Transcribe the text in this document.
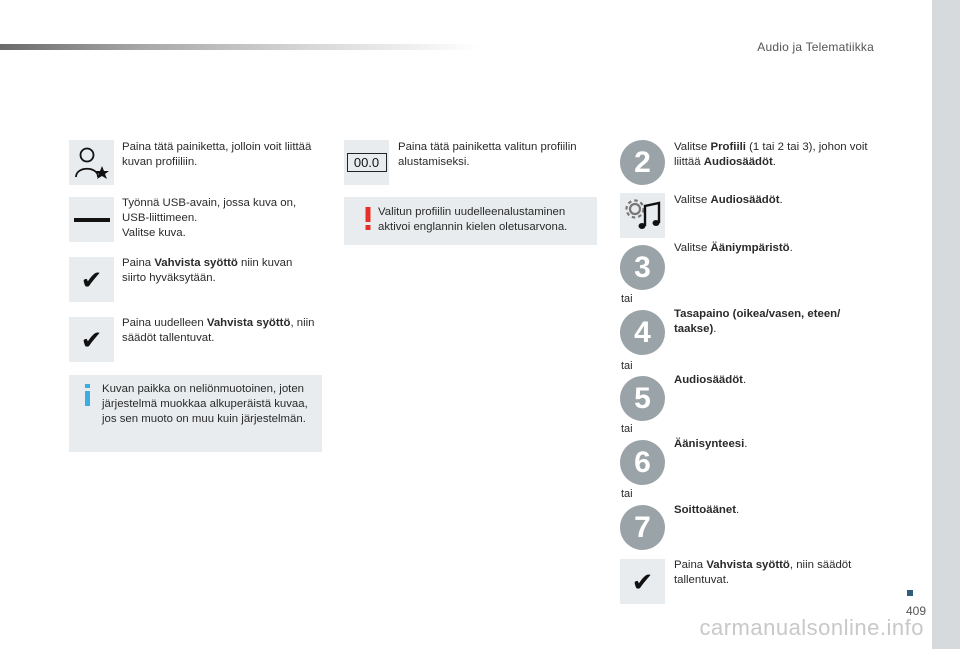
Audio ja Telematiikka
409
carmanualsonline.info
Paina tätä painiketta, jolloin voit liittää kuvan profiiliin.
Työnnä USB-avain, jossa kuva on,
USB-liittimeen.
Valitse kuva.
✔
Paina Vahvista syöttö niin kuvan siirto hyväksytään.
✔
Paina uudelleen Vahvista syöttö, niin säädöt tallentuvat.
Kuvan paikka on neliönmuotoinen, joten järjestelmä muokkaa alkuperäistä kuvaa, jos sen muoto on muu kuin järjestelmän.
00.0
Paina tätä painiketta valitun profiilin alustamiseksi.
Valitun profiilin uudelleenalustaminen aktivoi englannin kielen oletusarvona.
2	Valitse Profiili (1 tai 2 tai 3), johon voit liittää Audiosäädöt.
Valitse Audiosäädöt.
3
Valitse Ääniympäristö.
tai
4
Tasapaino (oikea/vasen, eteen/ taakse).
tai
5
Audiosäädöt.
tai
6
Äänisynteesi.
tai
7
Soittoäänet.
✔
Paina Vahvista syöttö, niin säädöt tallentuvat.
